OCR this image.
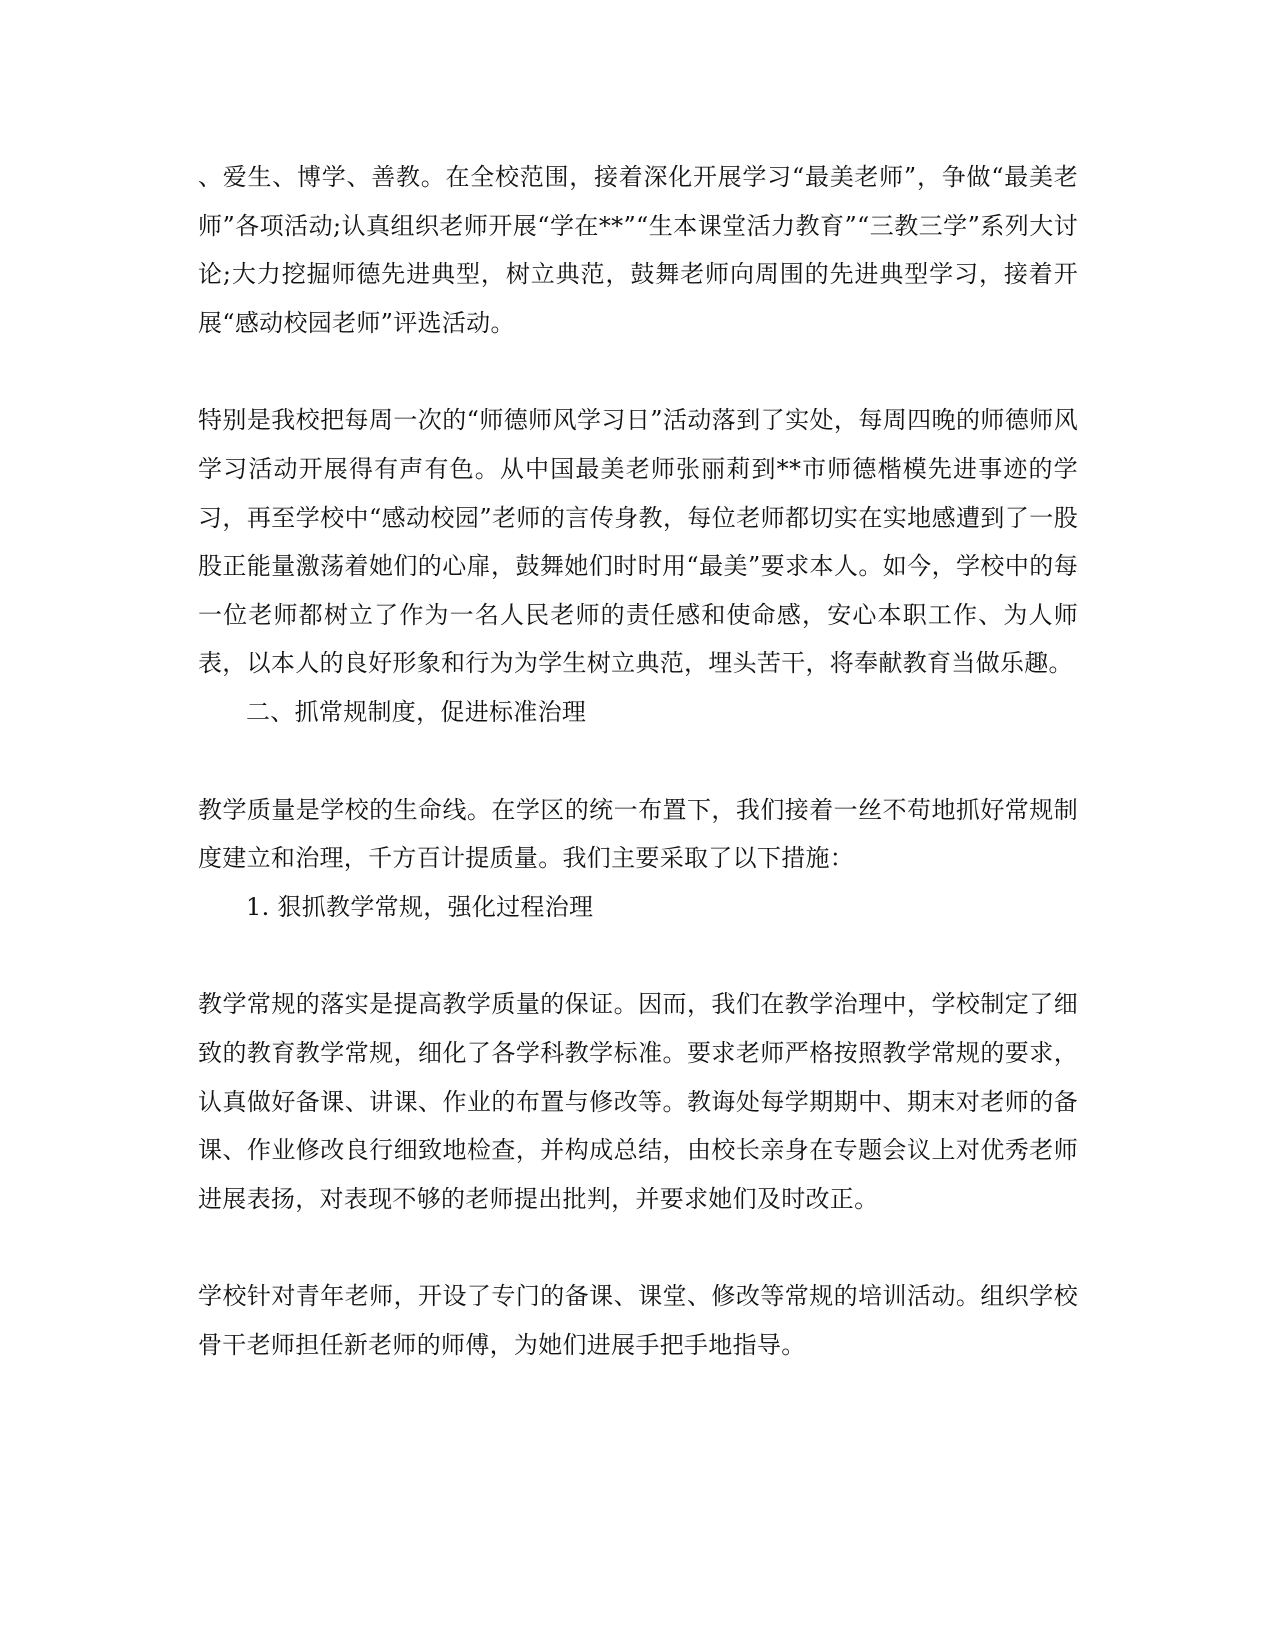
、爱生、博学、善教。在全校范围，接着深化开展学习“最美老师”，争做“最美老师”各项活动;认真组织老师开展“学在**”“生本课堂活力教育”“三教三学”系列大讨论;大力挖掘师德先进典型，树立典范，鼓舞老师向周围的先进典型学习，接着开展“感动校园老师”评选活动。

特别是我校把每周一次的“师德师风学习日”活动落到了实处，每周四晚的师德师风学习活动开展得有声有色。从中国最美老师张丽莉到**市师德楷模先进事迹的学习，再至学校中“感动校园”老师的言传身教，每位老师都切实在实地感遭到了一股股正能量激荡着她们的心扉，鼓舞她们时时用“最美”要求本人。如今，学校中的每一位老师都树立了作为一名人民老师的责任感和使命感，安心本职工作、为人师表，以本人的良好形象和行为为学生树立典范，埋头苦干，将奉献教育当做乐趣。

二、抓常规制度，促进标准治理

教学质量是学校的生命线。在学区的统一布置下，我们接着一丝不苟地抓好常规制度建立和治理，千方百计提质量。我们主要采取了以下措施：

1. 狠抓教学常规，强化过程治理

教学常规的落实是提高教学质量的保证。因而，我们在教学治理中，学校制定了细致的教育教学常规，细化了各学科教学标准。要求老师严格按照教学常规的要求，认真做好备课、讲课、作业的布置与修改等。教诲处每学期期中、期末对老师的备课、作业修改良行细致地检查，并构成总结，由校长亲身在专题会议上对优秀老师进展表扬，对表现不够的老师提出批判，并要求她们及时改正。

学校针对青年老师，开设了专门的备课、课堂、修改等常规的培训活动。组织学校骨干老师担任新老师的师傅，为她们进展手把手地指导。
